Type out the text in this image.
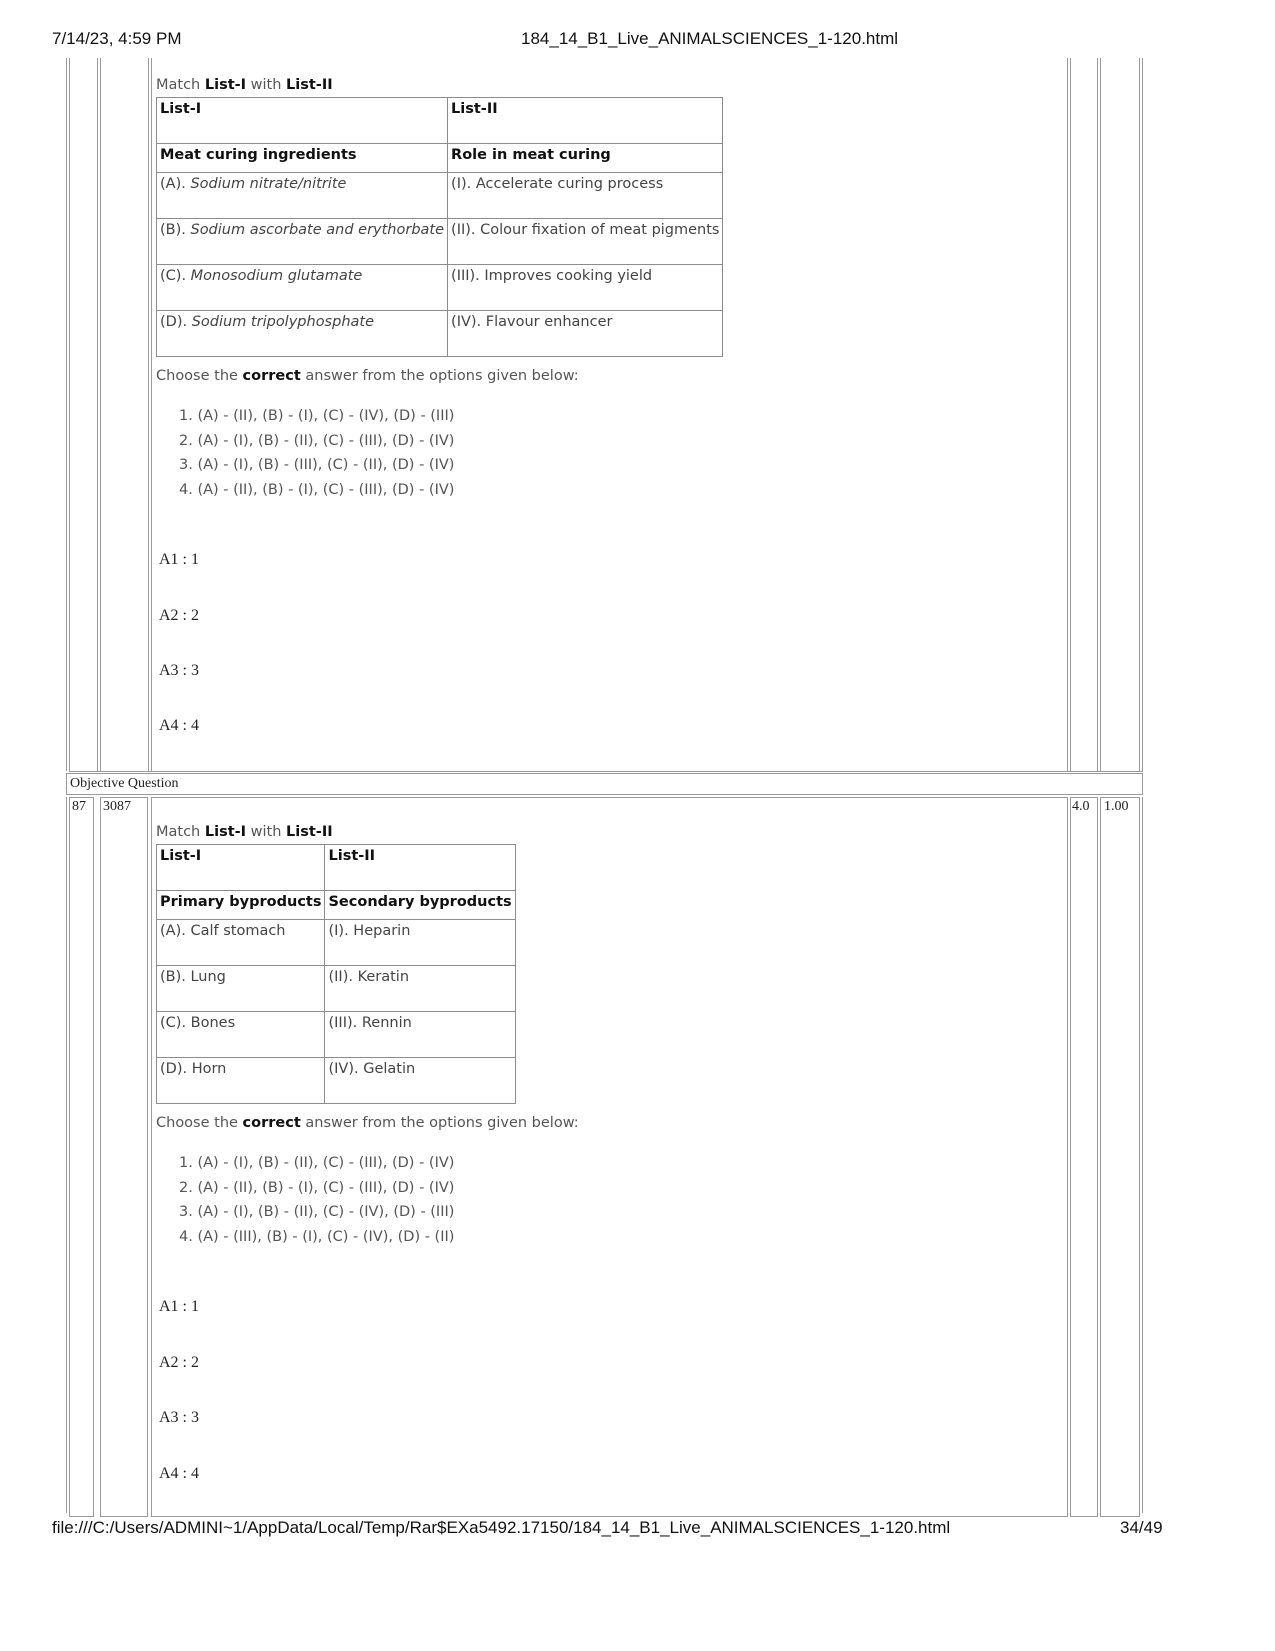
7/14/23, 4:59 PM	184_14_B1_Live_ANIMALSCIENCES_1-120.html
Match List-I with List-II
List-I	List-II
Meat curing ingredients	Role in meat curing
(A). Sodium nitrate/nitrite	(I). Accelerate curing process
(B). Sodium ascorbate and erythorbate	(II). Colour fixation of meat pigments
(C). Monosodium glutamate	(III). Improves cooking yield
(D). Sodium tripolyphosphate	(IV). Flavour enhancer
Choose the correct answer from the options given below:
1. (A) - (II), (B) - (I), (C) - (IV), (D) - (III)
2. (A) - (I), (B) - (II), (C) - (III), (D) - (IV)
3. (A) - (I), (B) - (III), (C) - (II), (D) - (IV)
4. (A) - (II), (B) - (I), (C) - (III), (D) - (IV)
A1 : 1
A2 : 2
A3 : 3
A4 : 4
Objective Question
87 3087	4.0 1.00
Match List-I with List-II
List-I	List-II
Primary byproducts	Secondary byproducts
(A). Calf stomach	(I). Heparin
(B). Lung	(II). Keratin
(C). Bones	(III). Rennin
(D). Horn	(IV). Gelatin
Choose the correct answer from the options given below:
1. (A) - (I), (B) - (II), (C) - (III), (D) - (IV)
2. (A) - (II), (B) - (I), (C) - (III), (D) - (IV)
3. (A) - (I), (B) - (II), (C) - (IV), (D) - (III)
4. (A) - (III), (B) - (I), (C) - (IV), (D) - (II)
A1 : 1
A2 : 2
A3 : 3
A4 : 4
file:///C:/Users/ADMINI~1/AppData/Local/Temp/Rar$EXa5492.17150/184_14_B1_Live_ANIMALSCIENCES_1-120.html	34/49
